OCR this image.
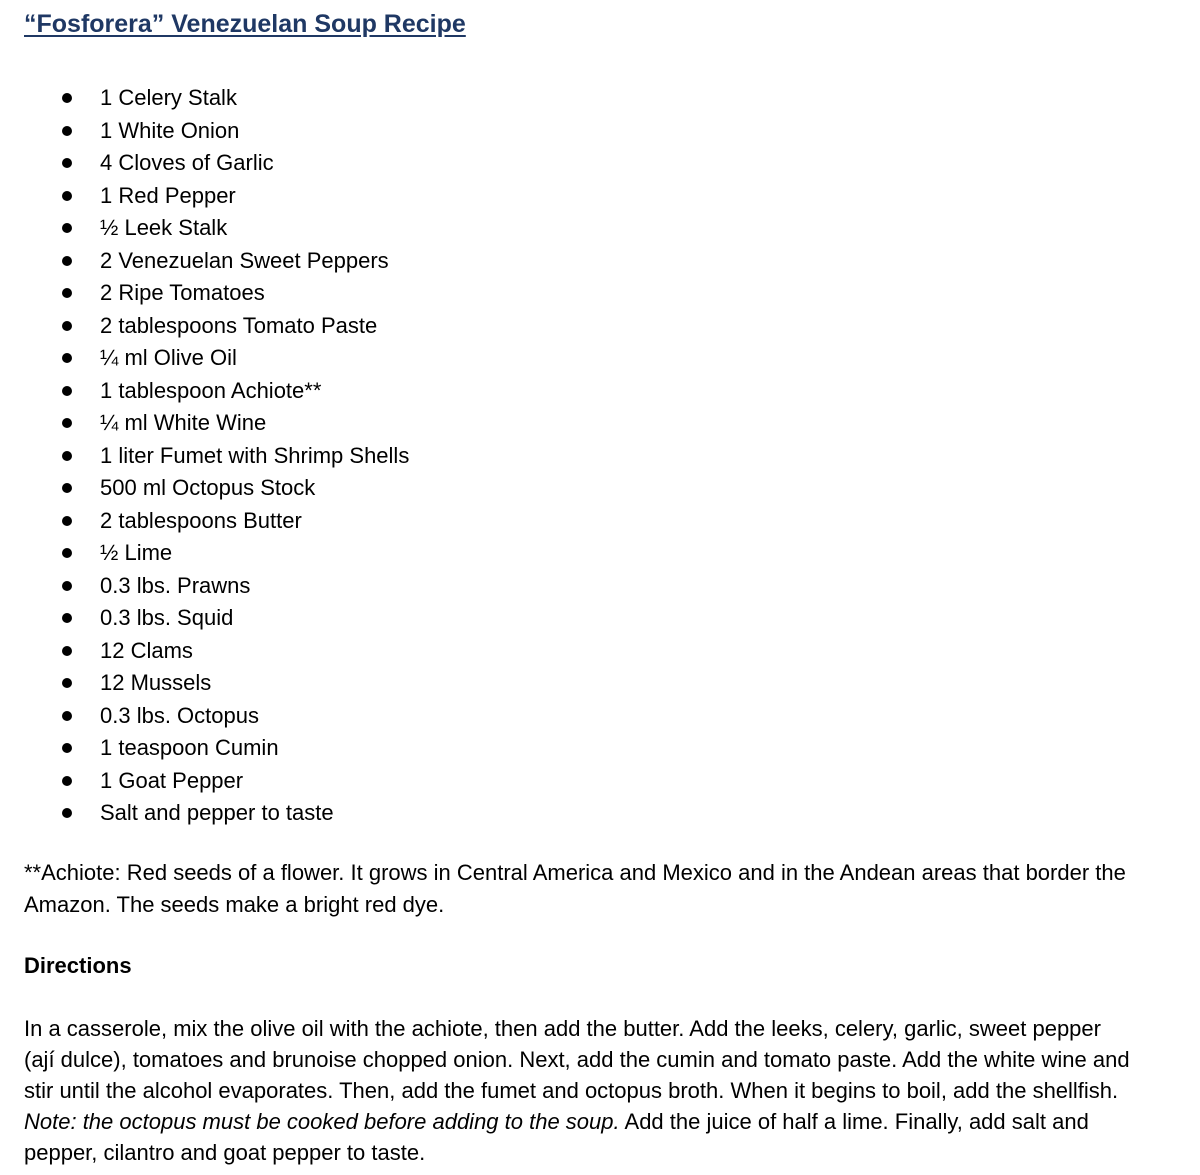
“Fosforera” Venezuelan Soup Recipe
1 Celery Stalk
1 White Onion
4 Cloves of Garlic
1 Red Pepper
½ Leek Stalk
2 Venezuelan Sweet Peppers
2 Ripe Tomatoes
2 tablespoons Tomato Paste
¼ ml Olive Oil
1 tablespoon Achiote**
¼ ml White Wine
1 liter Fumet with Shrimp Shells
500 ml Octopus Stock
2 tablespoons Butter
½ Lime
0.3 lbs. Prawns
0.3 lbs. Squid
12 Clams
12 Mussels
0.3 lbs. Octopus
1 teaspoon Cumin
1 Goat Pepper
Salt and pepper to taste

**Achiote: Red seeds of a flower. It grows in Central America and Mexico and in the Andean areas that border the Amazon. The seeds make a bright red dye.

Directions

In a casserole, mix the olive oil with the achiote, then add the butter. Add the leeks, celery, garlic, sweet pepper (ají dulce), tomatoes and brunoise chopped onion. Next, add the cumin and tomato paste. Add the white wine and stir until the alcohol evaporates. Then, add the fumet and octopus broth. When it begins to boil, add the shellfish. Note: the octopus must be cooked before adding to the soup. Add the juice of half a lime. Finally, add salt and pepper, cilantro and goat pepper to taste.
